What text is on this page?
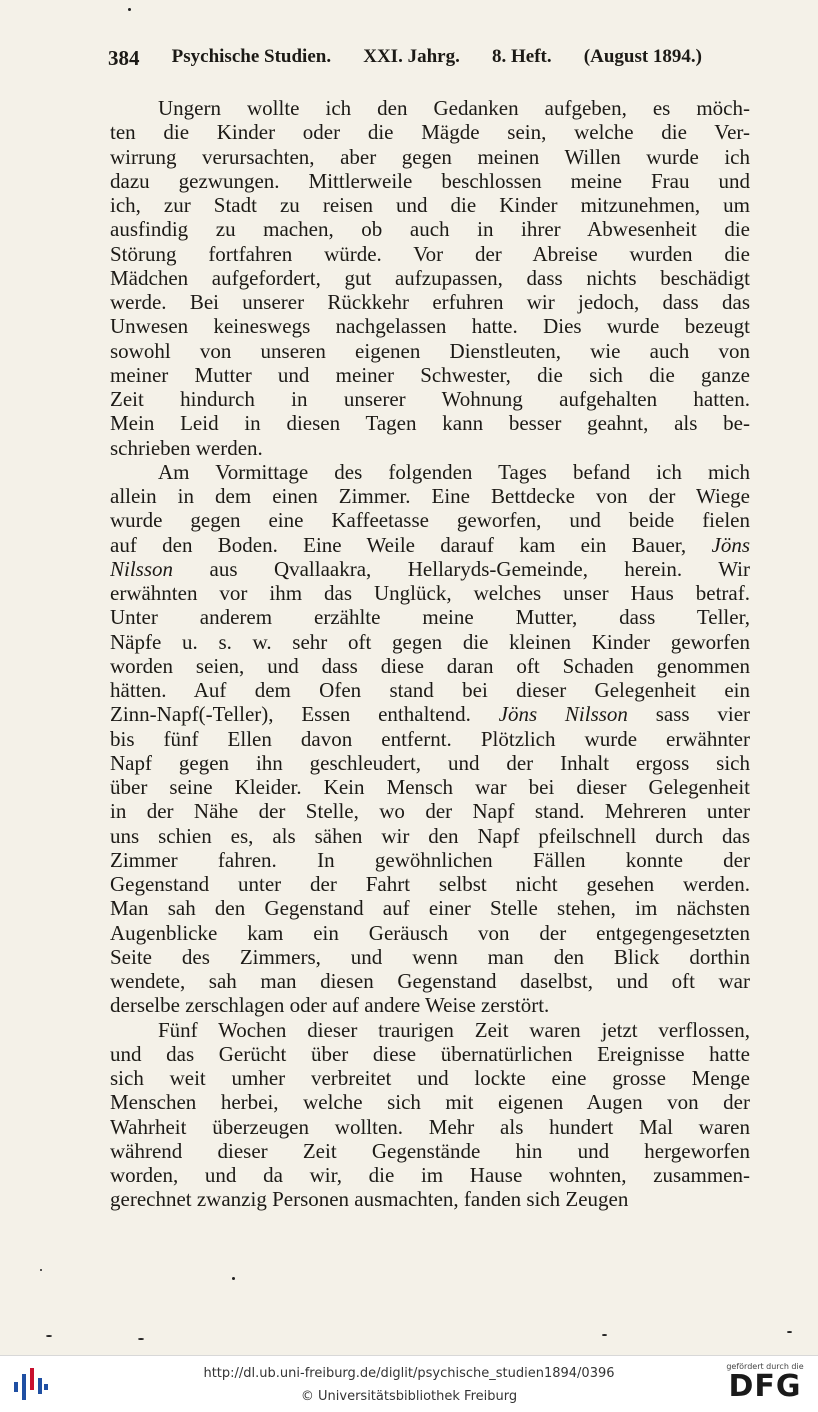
384 Psychische Studien. XXI. Jahrg. 8. Heft. (August 1894.)
Ungern wollte ich den Gedanken aufgeben, es möch-
ten die Kinder oder die Mägde sein, welche die Ver-
wirrung verursachten, aber gegen meinen Willen wurde ich
dazu gezwungen. Mittlerweile beschlossen meine Frau und
ich, zur Stadt zu reisen und die Kinder mitzunehmen, um
ausfindig zu machen, ob auch in ihrer Abwesenheit die
Störung fortfahren würde. Vor der Abreise wurden die
Mädchen aufgefordert, gut aufzupassen, dass nichts beschädigt
werde. Bei unserer Rückkehr erfuhren wir jedoch, dass das
Unwesen keineswegs nachgelassen hatte. Dies wurde bezeugt
sowohl von unseren eigenen Dienstleuten, wie auch von
meiner Mutter und meiner Schwester, die sich die ganze
Zeit hindurch in unserer Wohnung aufgehalten hatten.
Mein Leid in diesen Tagen kann besser geahnt, als be-
schrieben werden.
Am Vormittage des folgenden Tages befand ich mich
allein in dem einen Zimmer. Eine Bettdecke von der Wiege
wurde gegen eine Kaffeetasse geworfen, und beide fielen
auf den Boden. Eine Weile darauf kam ein Bauer, Jöns
Nilsson aus Qvallaakra, Hellaryds-Gemeinde, herein. Wir
erwähnten vor ihm das Unglück, welches unser Haus betraf.
Unter anderem erzählte meine Mutter, dass Teller,
Näpfe u. s. w. sehr oft gegen die kleinen Kinder geworfen
worden seien, und dass diese daran oft Schaden genommen
hätten. Auf dem Ofen stand bei dieser Gelegenheit ein
Zinn-Napf(-Teller), Essen enthaltend. Jöns Nilsson sass vier
bis fünf Ellen davon entfernt. Plötzlich wurde erwähnter
Napf gegen ihn geschleudert, und der Inhalt ergoss sich
über seine Kleider. Kein Mensch war bei dieser Gelegenheit
in der Nähe der Stelle, wo der Napf stand. Mehreren unter
uns schien es, als sähen wir den Napf pfeilschnell durch das
Zimmer fahren. In gewöhnlichen Fällen konnte der
Gegenstand unter der Fahrt selbst nicht gesehen werden.
Man sah den Gegenstand auf einer Stelle stehen, im nächsten
Augenblicke kam ein Geräusch von der entgegengesetzten
Seite des Zimmers, und wenn man den Blick dorthin
wendete, sah man diesen Gegenstand daselbst, und oft war
derselbe zerschlagen oder auf andere Weise zerstört.
Fünf Wochen dieser traurigen Zeit waren jetzt verflossen,
und das Gerücht über diese übernatürlichen Ereignisse hatte
sich weit umher verbreitet und lockte eine grosse Menge
Menschen herbei, welche sich mit eigenen Augen von der
Wahrheit überzeugen wollten. Mehr als hundert Mal waren
während dieser Zeit Gegenstände hin und hergeworfen
worden, und da wir, die im Hause wohnten, zusammen-
gerechnet zwanzig Personen ausmachten, fanden sich Zeugen
http://dl.ub.uni-freiburg.de/diglit/psychische_studien1894/0396
© Universitätsbibliothek Freiburg
gefördert durch die
DFG
